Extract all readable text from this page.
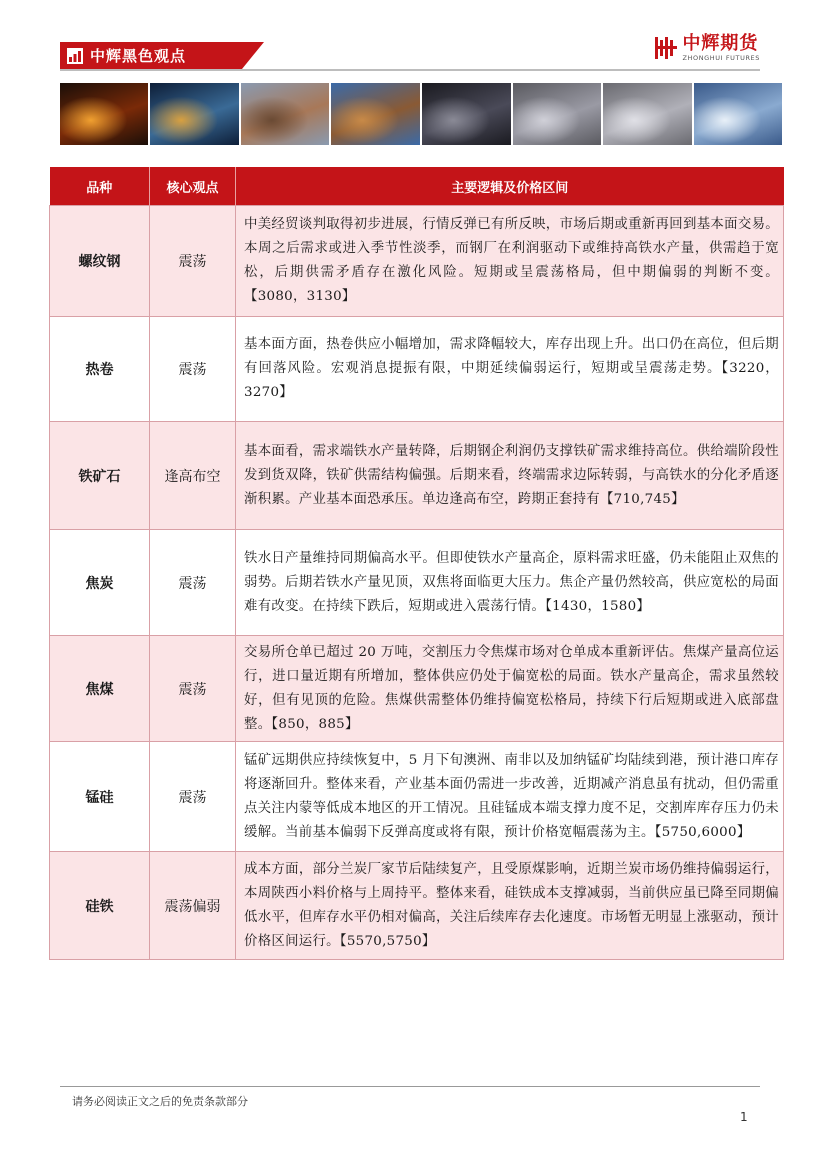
中辉黑色观点
中辉期货
ZHONGHUI FUTURES
品种	核心观点	主要逻辑及价格区间
螺纹钢	震荡	中美经贸谈判取得初步进展，行情反弹已有所反映，市场后期或重新再回到基本面交易。本周之后需求或进入季节性淡季，而钢厂在利润驱动下或维持高铁水产量，供需趋于宽松，后期供需矛盾存在激化风险。短期或呈震荡格局，但中期偏弱的判断不变。【3080，3130】
热卷	震荡	基本面方面，热卷供应小幅增加，需求降幅较大，库存出现上升。出口仍在高位，但后期有回落风险。宏观消息提振有限，中期延续偏弱运行，短期或呈震荡走势。【3220，3270】
铁矿石	逢高布空	基本面看，需求端铁水产量转降，后期钢企利润仍支撑铁矿需求维持高位。供给端阶段性发到货双降，铁矿供需结构偏强。后期来看，终端需求边际转弱，与高铁水的分化矛盾逐渐积累。产业基本面恐承压。单边逢高布空，跨期正套持有【710,745】
焦炭	震荡	铁水日产量维持同期偏高水平。但即使铁水产量高企，原料需求旺盛，仍未能阻止双焦的弱势。后期若铁水产量见顶，双焦将面临更大压力。焦企产量仍然较高，供应宽松的局面难有改变。在持续下跌后，短期或进入震荡行情。【1430，1580】
焦煤	震荡	交易所仓单已超过 20 万吨，交割压力令焦煤市场对仓单成本重新评估。焦煤产量高位运行，进口量近期有所增加，整体供应仍处于偏宽松的局面。铁水产量高企，需求虽然较好，但有见顶的危险。焦煤供需整体仍维持偏宽松格局，持续下行后短期或进入底部盘整。【850，885】
锰硅	震荡	锰矿远期供应持续恢复中，5 月下旬澳洲、南非以及加纳锰矿均陆续到港，预计港口库存将逐渐回升。整体来看，产业基本面仍需进一步改善，近期减产消息虽有扰动，但仍需重点关注内蒙等低成本地区的开工情况。且硅锰成本端支撑力度不足，交割库库存压力仍未缓解。当前基本偏弱下反弹高度或将有限，预计价格宽幅震荡为主。【5750,6000】
硅铁	震荡偏弱	成本方面，部分兰炭厂家节后陆续复产，且受原煤影响，近期兰炭市场仍维持偏弱运行，本周陕西小料价格与上周持平。整体来看，硅铁成本支撑减弱，当前供应虽已降至同期偏低水平，但库存水平仍相对偏高，关注后续库存去化速度。市场暂无明显上涨驱动，预计价格区间运行。【5570,5750】
请务必阅读正文之后的免责条款部分
1
